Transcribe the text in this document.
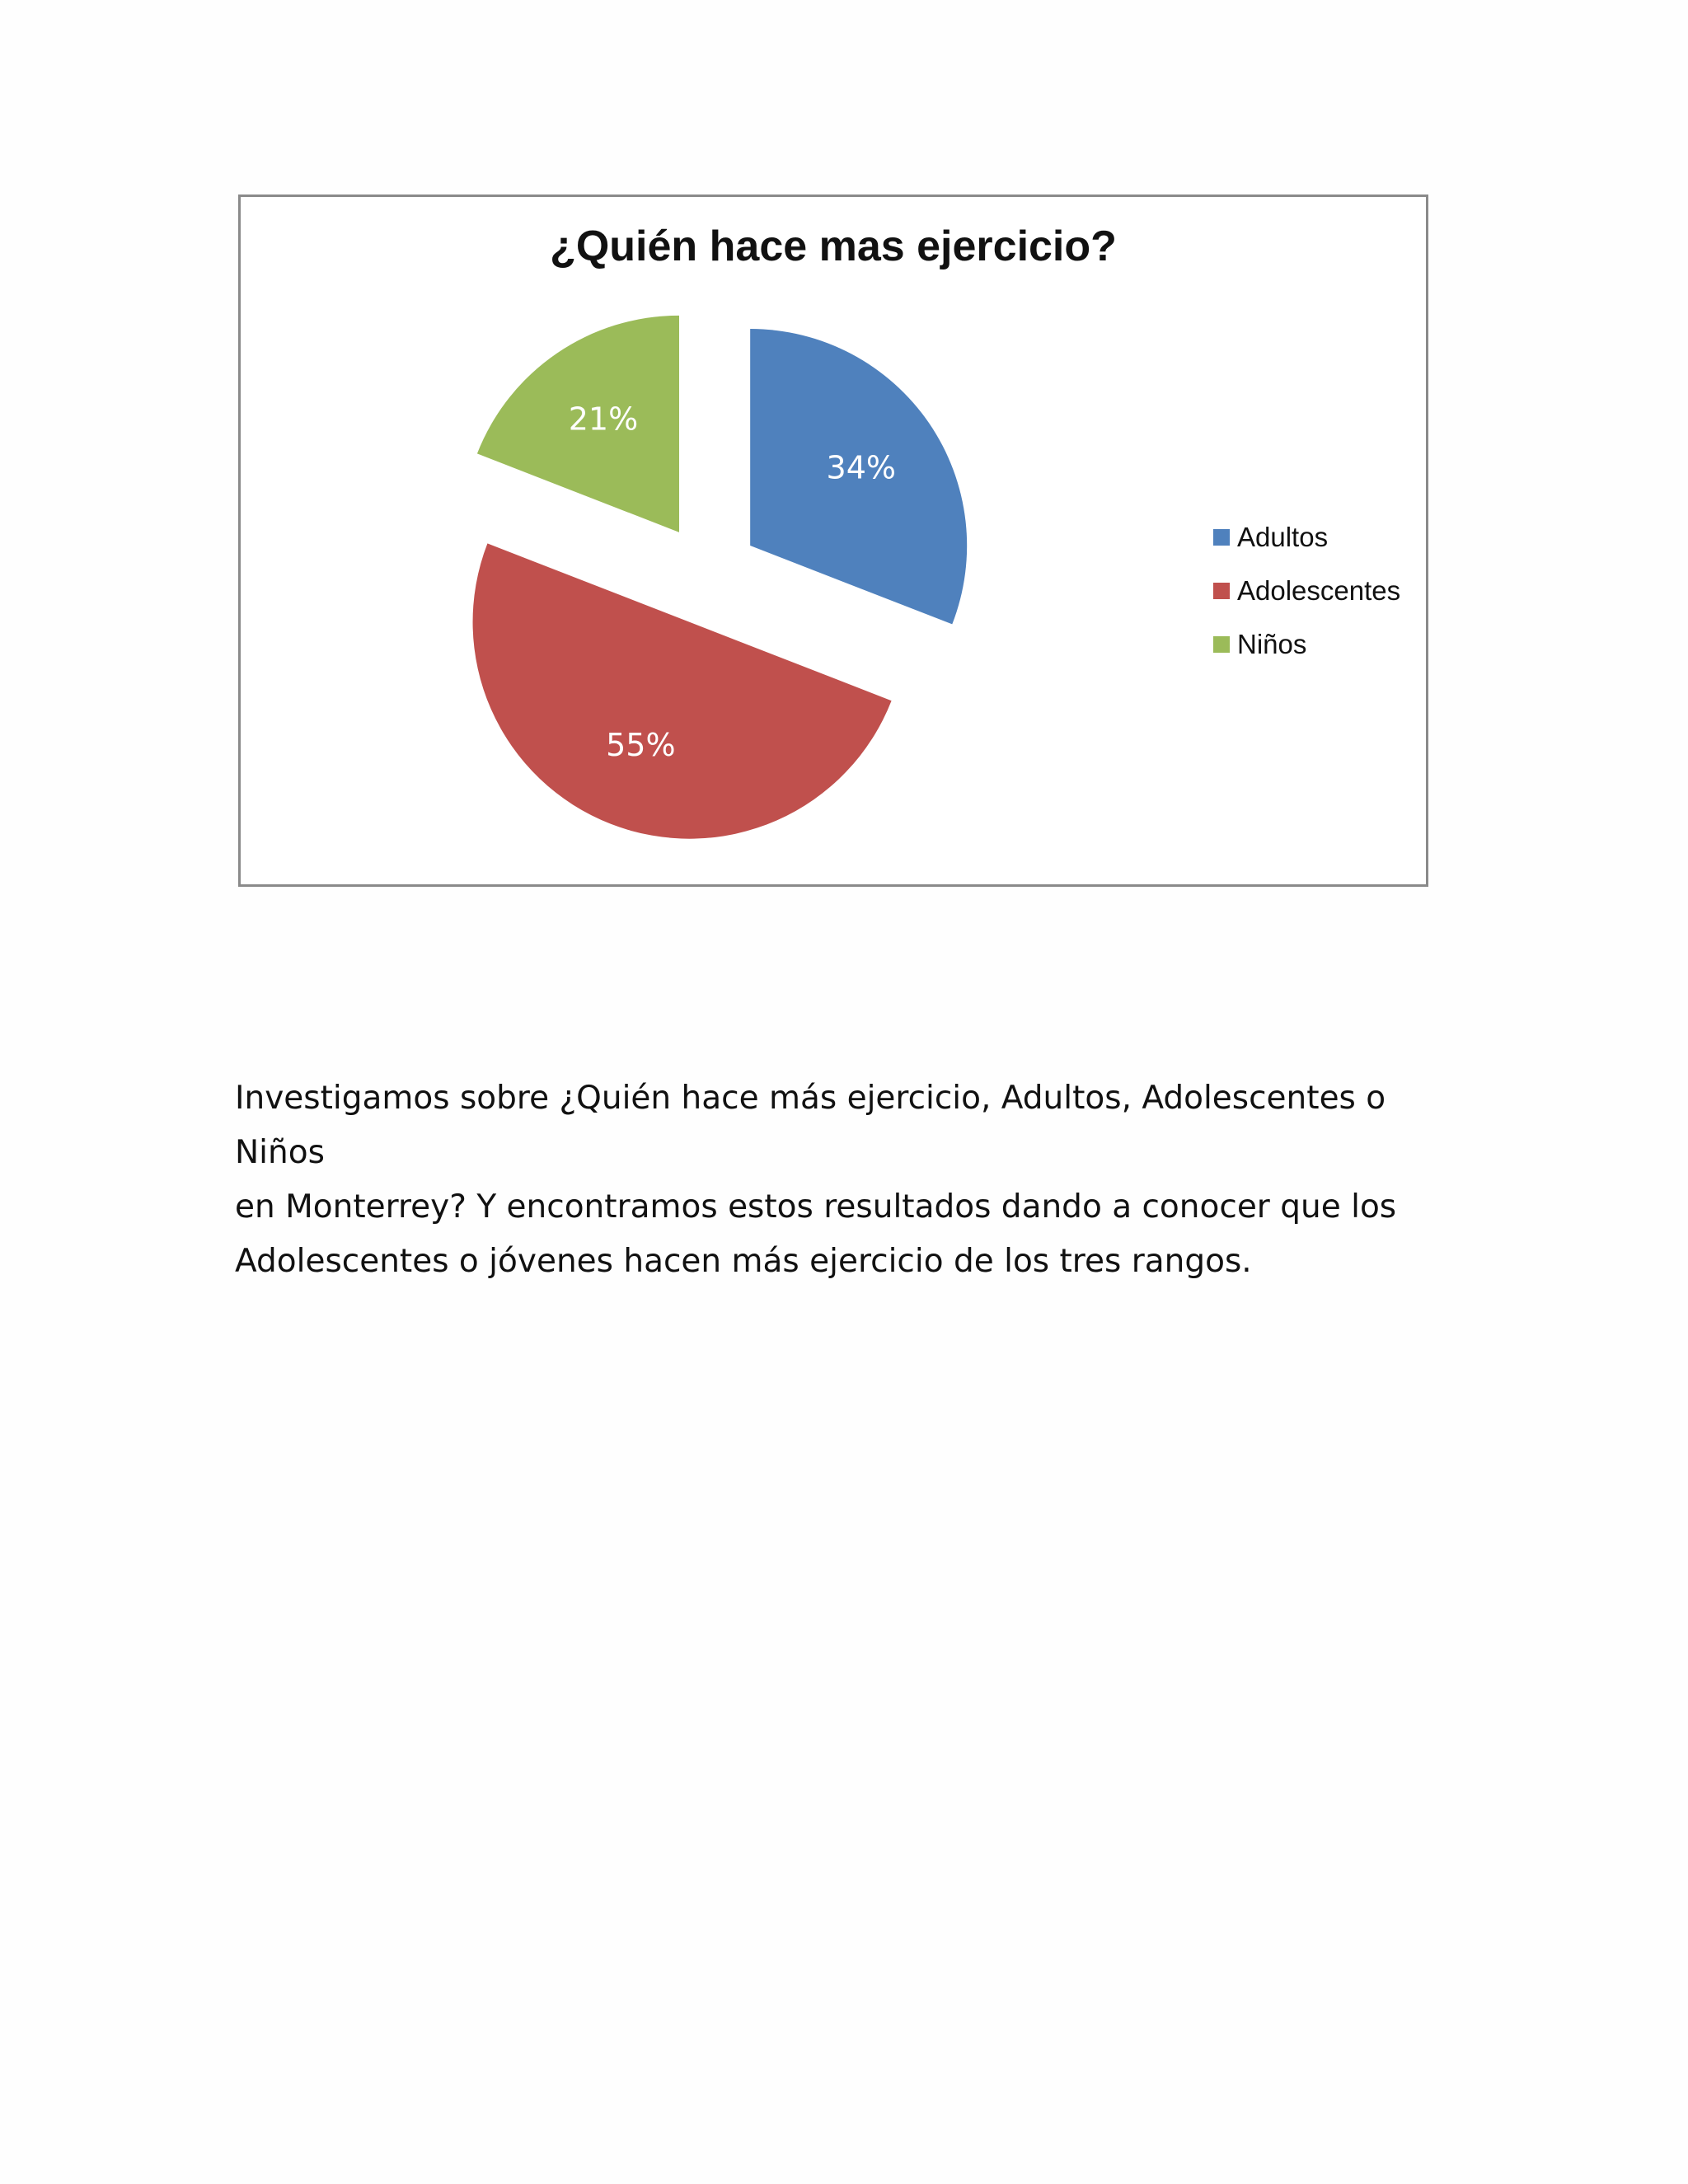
¿Quién hace mas ejercicio?
34%
55%
21%
Adultos
Adolescentes
Niños

Investigamos sobre ¿Quién hace más ejercicio, Adultos, Adolescentes o Niños

en Monterrey? Y encontramos estos resultados dando a conocer que los

Adolescentes o jóvenes hacen más ejercicio de los tres rangos.
